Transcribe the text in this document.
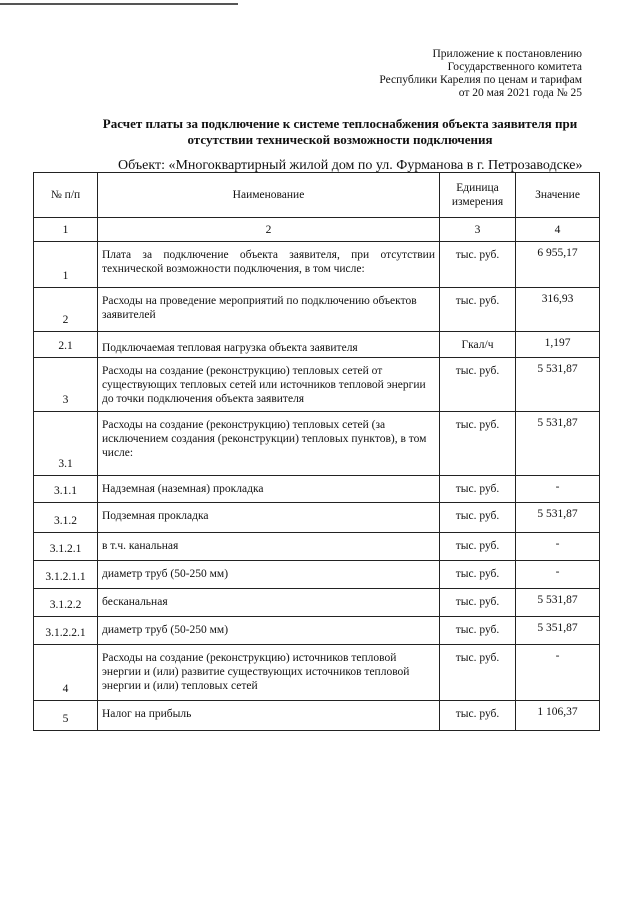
Приложение к постановлению
Государственного комитета
Республики Карелия по ценам и тарифам
от 20 мая 2021 года № 25
Расчет платы за подключение к системе теплоснабжения объекта заявителя при
отсутствии технической возможности подключения
Объект: «Многоквартирный жилой дом по ул. Фурманова в г. Петрозаводске»
№ п/п	Наименование	Единица измерения	Значение
1	2	3	4
1	Плата за подключение объекта заявителя, при отсутствии технической возможности подключения, в том числе:	тыс. руб.	6 955,17
2	Расходы на проведение мероприятий по подключению объектов заявителей	тыс. руб.	316,93
2.1	Подключаемая тепловая нагрузка объекта заявителя	Гкал/ч	1,197
3	Расходы на создание (реконструкцию) тепловых сетей от существующих тепловых сетей или источников тепловой энергии до точки подключения объекта заявителя	тыс. руб.	5 531,87
3.1	Расходы на создание (реконструкцию) тепловых сетей (за исключением создания (реконструкции) тепловых пунктов), в том числе:	тыс. руб.	5 531,87
3.1.1	Надземная (наземная) прокладка	тыс. руб.	-
3.1.2	Подземная прокладка	тыс. руб.	5 531,87
3.1.2.1	в т.ч. канальная	тыс. руб.	-
3.1.2.1.1	диаметр труб (50-250 мм)	тыс. руб.	-
3.1.2.2	бесканальная	тыс. руб.	5 531,87
3.1.2.2.1	диаметр труб (50-250 мм)	тыс. руб.	5 351,87
4	Расходы на создание (реконструкцию) источников тепловой энергии и (или) развитие существующих источников тепловой энергии и (или) тепловых сетей	тыс. руб.	-
5	Налог на прибыль	тыс. руб.	1 106,37
